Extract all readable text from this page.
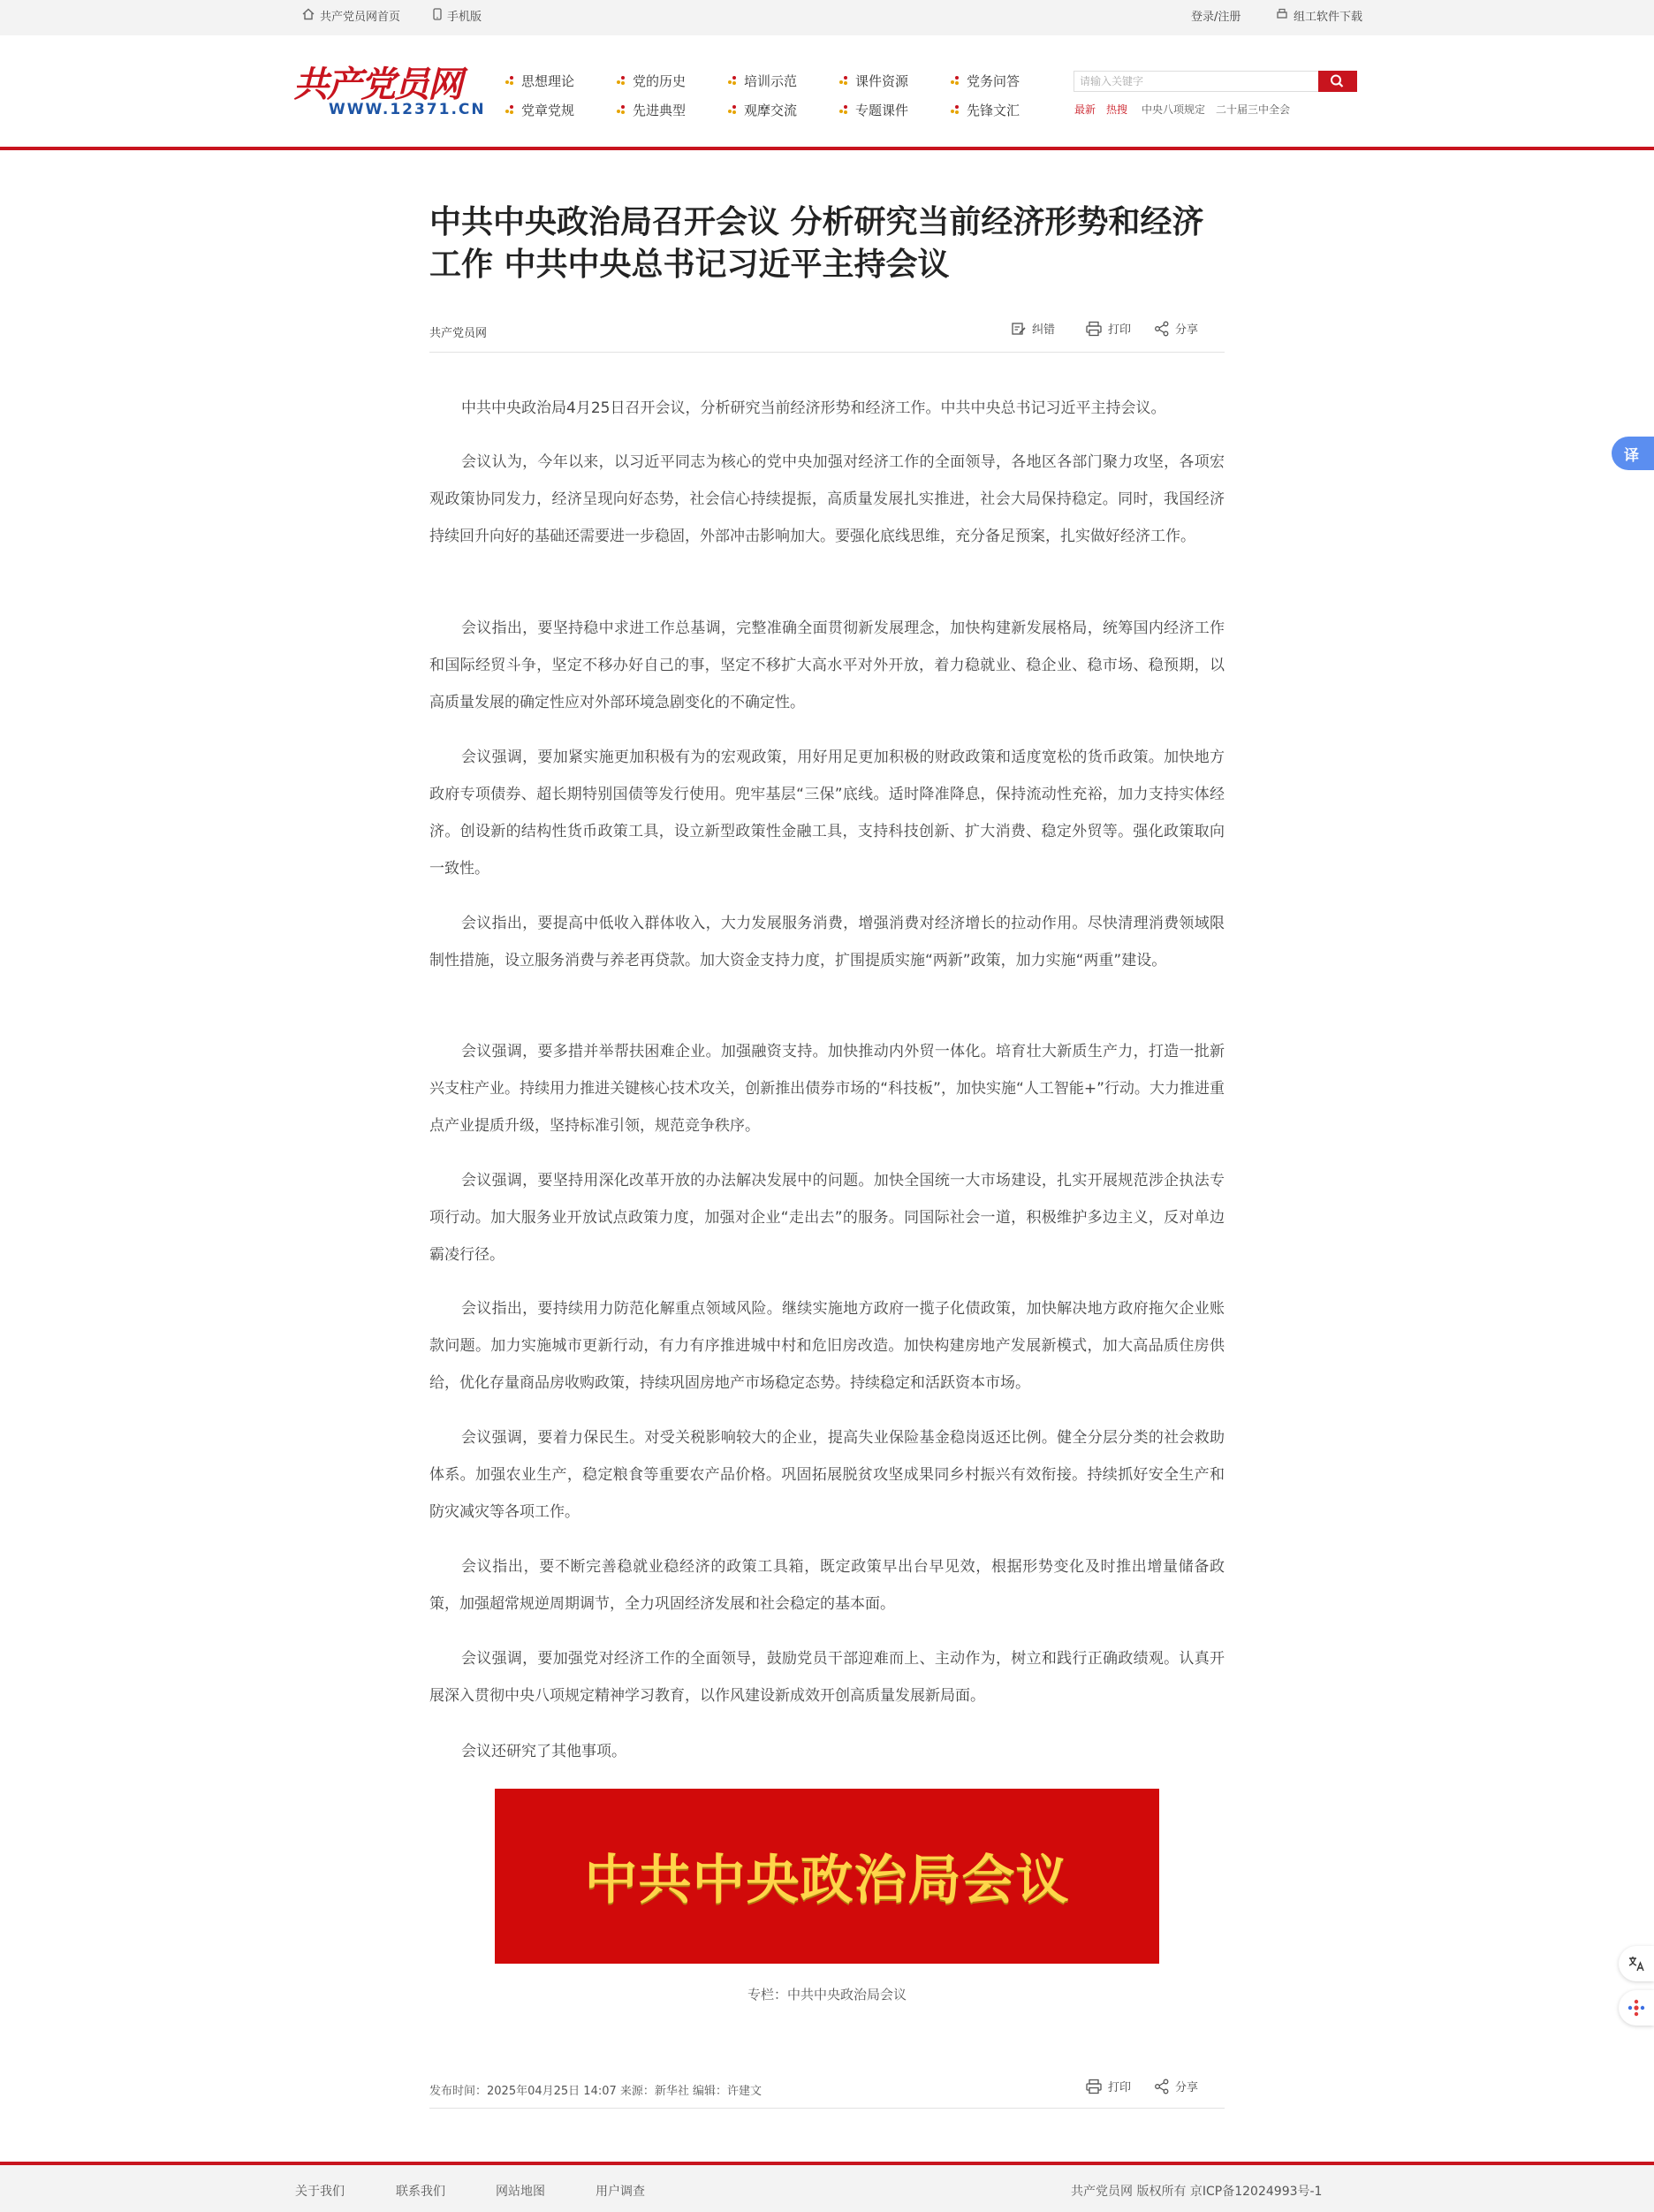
共产党员网首页	手机版	登录/注册	组工软件下载
共产党员网
WWW.12371.CN
思想理论	党的历史	培训示范	课件资源	党务问答
党章党规	先进典型	观摩交流	专题课件	先锋文汇
请输入关键字
最新 热搜 中央八项规定 二十届三中全会
中共中央政治局召开会议 分析研究当前经济形势和经济工作 中共中央总书记习近平主持会议
共产党员网	纠错	打印	分享

中共中央政治局4月25日召开会议，分析研究当前经济形势和经济工作。中共中央总书记习近平主持会议。

会议认为，今年以来，以习近平同志为核心的党中央加强对经济工作的全面领导，各地区各部门聚力攻坚，各项宏观政策协同发力，经济呈现向好态势，社会信心持续提振，高质量发展扎实推进，社会大局保持稳定。同时，我国经济持续回升向好的基础还需要进一步稳固，外部冲击影响加大。要强化底线思维，充分备足预案，扎实做好经济工作。

会议指出，要坚持稳中求进工作总基调，完整准确全面贯彻新发展理念，加快构建新发展格局，统筹国内经济工作和国际经贸斗争，坚定不移办好自己的事，坚定不移扩大高水平对外开放，着力稳就业、稳企业、稳市场、稳预期，以高质量发展的确定性应对外部环境急剧变化的不确定性。

会议强调，要加紧实施更加积极有为的宏观政策，用好用足更加积极的财政政策和适度宽松的货币政策。加快地方政府专项债券、超长期特别国债等发行使用。兜牢基层“三保”底线。适时降准降息，保持流动性充裕，加力支持实体经济。创设新的结构性货币政策工具，设立新型政策性金融工具，支持科技创新、扩大消费、稳定外贸等。强化政策取向一致性。

会议指出，要提高中低收入群体收入，大力发展服务消费，增强消费对经济增长的拉动作用。尽快清理消费领域限制性措施，设立服务消费与养老再贷款。加大资金支持力度，扩围提质实施“两新”政策，加力实施“两重”建设。

会议强调，要多措并举帮扶困难企业。加强融资支持。加快推动内外贸一体化。培育壮大新质生产力，打造一批新兴支柱产业。持续用力推进关键核心技术攻关，创新推出债券市场的“科技板”，加快实施“人工智能+”行动。大力推进重点产业提质升级，坚持标准引领，规范竞争秩序。

会议强调，要坚持用深化改革开放的办法解决发展中的问题。加快全国统一大市场建设，扎实开展规范涉企执法专项行动。加大服务业开放试点政策力度，加强对企业“走出去”的服务。同国际社会一道，积极维护多边主义，反对单边霸凌行径。

会议指出，要持续用力防范化解重点领域风险。继续实施地方政府一揽子化债政策，加快解决地方政府拖欠企业账款问题。加力实施城市更新行动，有力有序推进城中村和危旧房改造。加快构建房地产发展新模式，加大高品质住房供给，优化存量商品房收购政策，持续巩固房地产市场稳定态势。持续稳定和活跃资本市场。

会议强调，要着力保民生。对受关税影响较大的企业，提高失业保险基金稳岗返还比例。健全分层分类的社会救助体系。加强农业生产，稳定粮食等重要农产品价格。巩固拓展脱贫攻坚成果同乡村振兴有效衔接。持续抓好安全生产和防灾减灾等各项工作。

会议指出，要不断完善稳就业稳经济的政策工具箱，既定政策早出台早见效，根据形势变化及时推出增量储备政策，加强超常规逆周期调节，全力巩固经济发展和社会稳定的基本面。

会议强调，要加强党对经济工作的全面领导，鼓励党员干部迎难而上、主动作为，树立和践行正确政绩观。认真开展深入贯彻中央八项规定精神学习教育，以作风建设新成效开创高质量发展新局面。

会议还研究了其他事项。

中共中央政治局会议
专栏：中共中央政治局会议
发布时间：2025年04月25日 14:07 来源：新华社 编辑：许建文	打印	分享
译
关于我们	联系我们	网站地图	用户调查	共产党员网 版权所有 京ICP备12024993号-1
